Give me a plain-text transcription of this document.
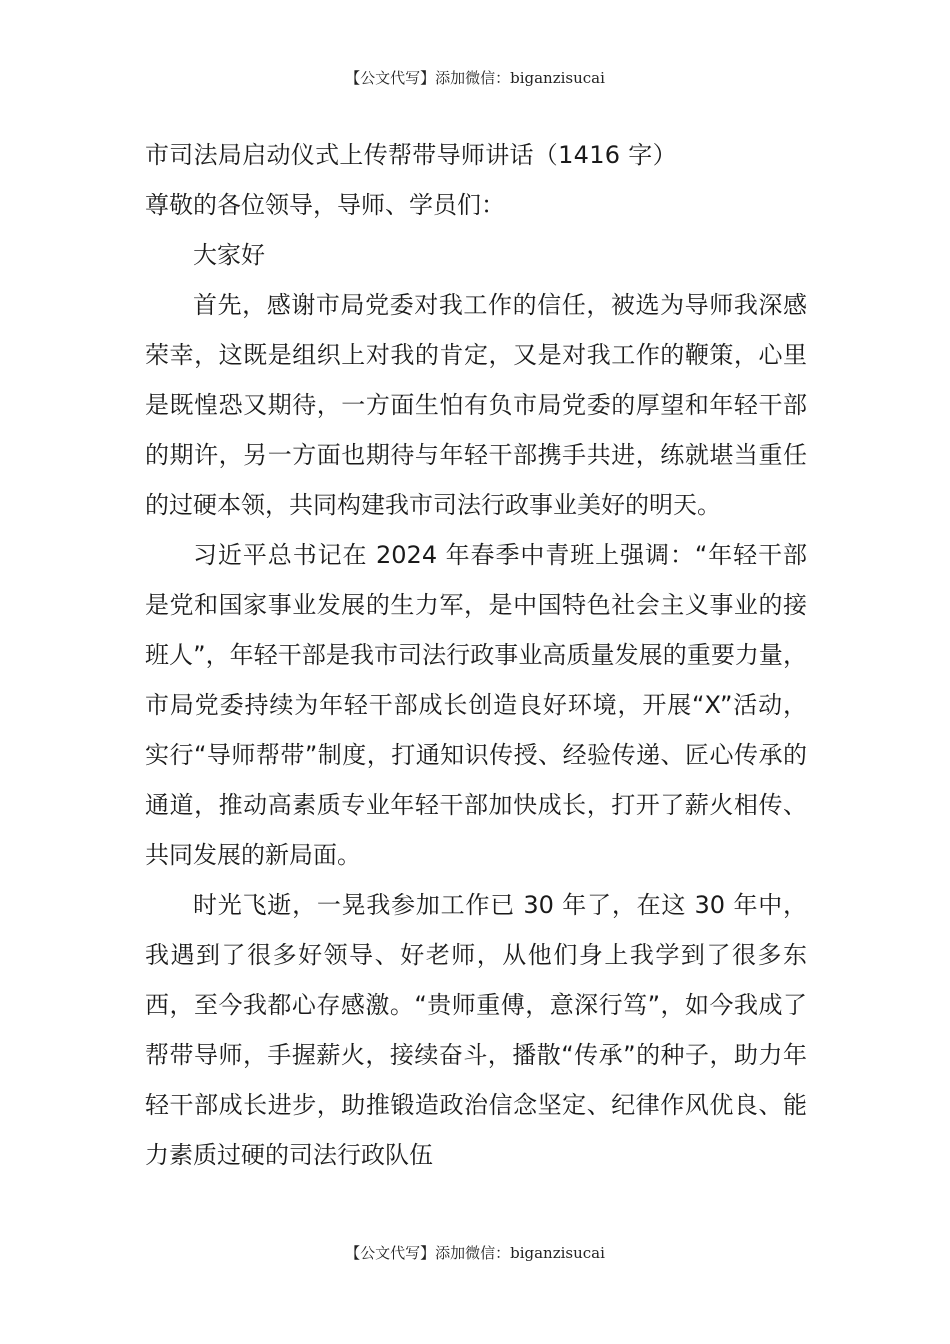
【公文代写】添加微信：biganzisucai

市司法局启动仪式上传帮带导师讲话（1416 字）

尊敬的各位领导，导师、学员们：

大家好

首先，感谢市局党委对我工作的信任，被选为导师我深感荣幸，这既是组织上对我的肯定，又是对我工作的鞭策，心里是既惶恐又期待，一方面生怕有负市局党委的厚望和年轻干部的期许，另一方面也期待与年轻干部携手共进，练就堪当重任的过硬本领，共同构建我市司法行政事业美好的明天。

习近平总书记在 2024 年春季中青班上强调：“年轻干部是党和国家事业发展的生力军，是中国特色社会主义事业的接班人”，年轻干部是我市司法行政事业高质量发展的重要力量，市局党委持续为年轻干部成长创造良好环境，开展“X”活动，实行“导师帮带”制度，打通知识传授、经验传递、匠心传承的通道，推动高素质专业年轻干部加快成长，打开了薪火相传、共同发展的新局面。

时光飞逝，一晃我参加工作已 30 年了，在这 30 年中，我遇到了很多好领导、好老师，从他们身上我学到了很多东西，至今我都心存感激。“贵师重傅，意深行笃”，如今我成了帮带导师，手握薪火，接续奋斗，播散“传承”的种子，助力年轻干部成长进步，助推锻造政治信念坚定、纪律作风优良、能力素质过硬的司法行政队伍

【公文代写】添加微信：biganzisucai
